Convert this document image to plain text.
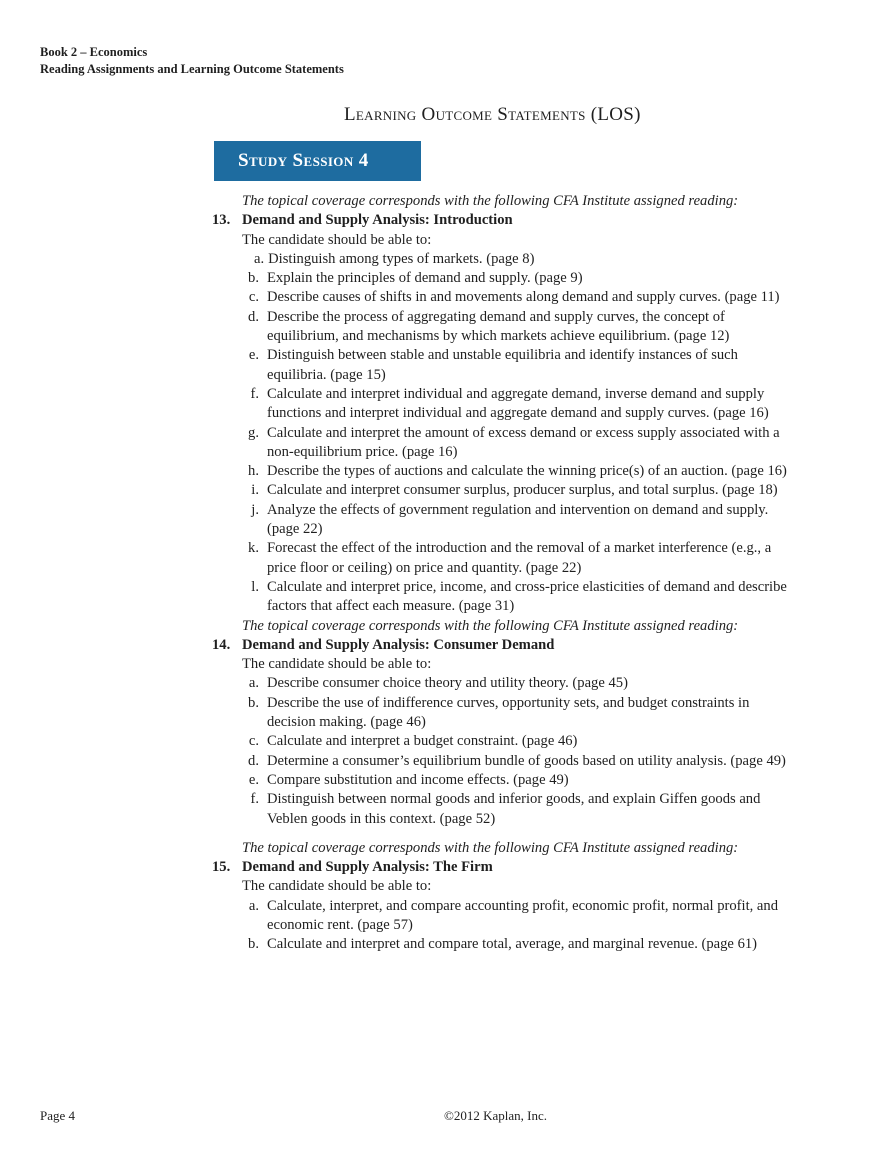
Book 2 – Economics
Reading Assignments and Learning Outcome Statements
Learning Outcome Statements (LOS)
Study Session 4
The topical coverage corresponds with the following CFA Institute assigned reading:
13. Demand and Supply Analysis: Introduction
The candidate should be able to:
a. Distinguish among types of markets. (page 8)
b. Explain the principles of demand and supply. (page 9)
c. Describe causes of shifts in and movements along demand and supply curves. (page 11)
d. Describe the process of aggregating demand and supply curves, the concept of equilibrium, and mechanisms by which markets achieve equilibrium. (page 12)
e. Distinguish between stable and unstable equilibria and identify instances of such equilibria. (page 15)
f. Calculate and interpret individual and aggregate demand, inverse demand and supply functions and interpret individual and aggregate demand and supply curves. (page 16)
g. Calculate and interpret the amount of excess demand or excess supply associated with a non-equilibrium price. (page 16)
h. Describe the types of auctions and calculate the winning price(s) of an auction. (page 16)
i. Calculate and interpret consumer surplus, producer surplus, and total surplus. (page 18)
j. Analyze the effects of government regulation and intervention on demand and supply. (page 22)
k. Forecast the effect of the introduction and the removal of a market interference (e.g., a price floor or ceiling) on price and quantity. (page 22)
l. Calculate and interpret price, income, and cross-price elasticities of demand and describe factors that affect each measure. (page 31)
The topical coverage corresponds with the following CFA Institute assigned reading:
14. Demand and Supply Analysis: Consumer Demand
The candidate should be able to:
a. Describe consumer choice theory and utility theory. (page 45)
b. Describe the use of indifference curves, opportunity sets, and budget constraints in decision making. (page 46)
c. Calculate and interpret a budget constraint. (page 46)
d. Determine a consumer’s equilibrium bundle of goods based on utility analysis. (page 49)
e. Compare substitution and income effects. (page 49)
f. Distinguish between normal goods and inferior goods, and explain Giffen goods and Veblen goods in this context. (page 52)
The topical coverage corresponds with the following CFA Institute assigned reading:
15. Demand and Supply Analysis: The Firm
The candidate should be able to:
a. Calculate, interpret, and compare accounting profit, economic profit, normal profit, and economic rent. (page 57)
b. Calculate and interpret and compare total, average, and marginal revenue. (page 61)
Page 4	©2012 Kaplan, Inc.
